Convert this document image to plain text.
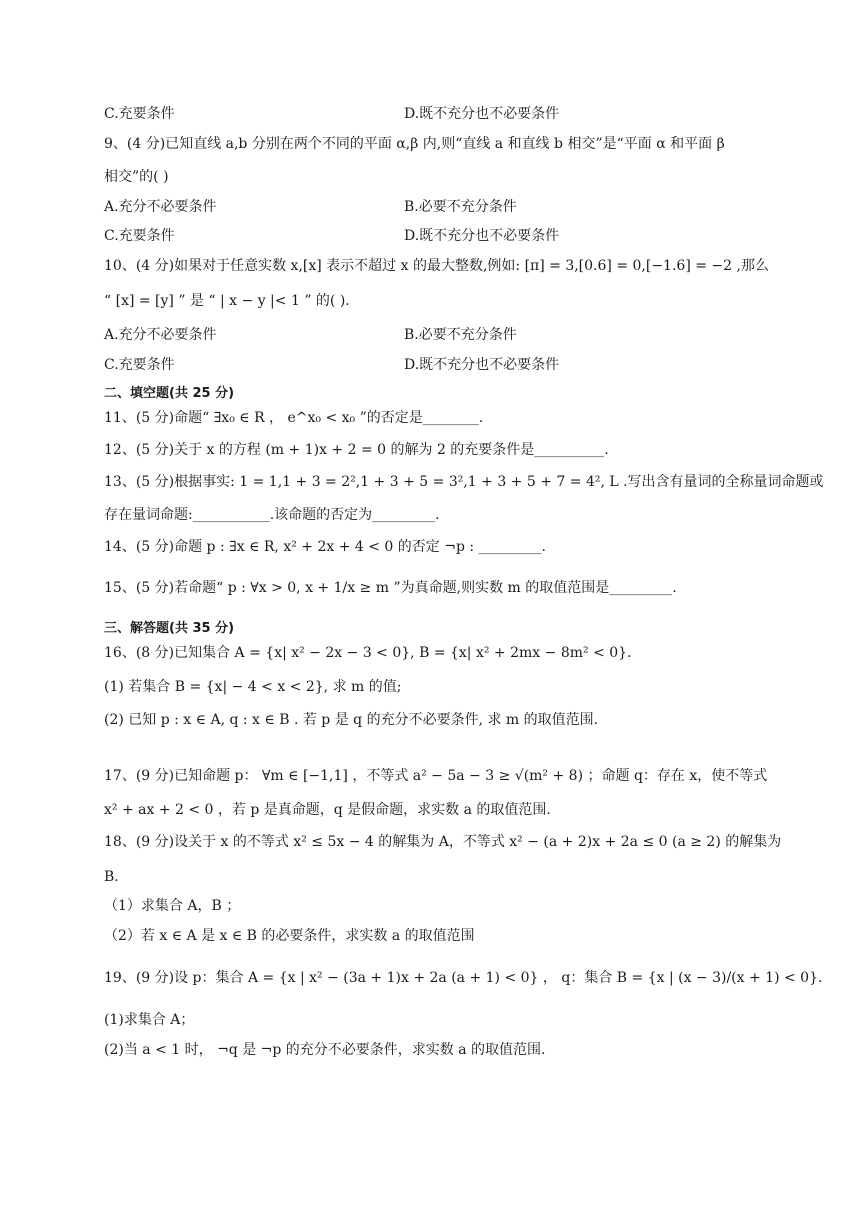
C.充要条件	D.既不充分也不必要条件
9、(4 分)已知直线 a,b 分别在两个不同的平面 α,β 内,则“直线 a 和直线 b 相交”是“平面 α 和平面 β
相交”的( )
A.充分不必要条件	B.必要不充分条件
C.充要条件	D.既不充分也不必要条件
10、(4 分)如果对于任意实数 x,[x] 表示不超过 x 的最大整数,例如: [π] = 3,[0.6] = 0,[−1.6] = −2 ,那么
“ [x] = [y] ” 是 “ | x − y |< 1 ” 的( ).
A.充分不必要条件	B.必要不充分条件
C.充要条件	D.既不充分也不必要条件
二、填空题(共 25 分)
11、(5 分)命题“ ∃x₀ ∈ R ， e^x₀ < x₀ ”的否定是________.
12、(5 分)关于 x 的方程 (m + 1)x + 2 = 0 的解为 2 的充要条件是__________.
13、(5 分)根据事实: 1 = 1,1 + 3 = 2²,1 + 3 + 5 = 3²,1 + 3 + 5 + 7 = 4², L .写出含有量词的全称量词命题或
存在量词命题:___________.该命题的否定为_________.
14、(5 分)命题 p : ∃x ∈ R, x² + 2x + 4 < 0 的否定 ¬p : _________.
15、(5 分)若命题“ p : ∀x > 0, x + 1/x ≥ m ”为真命题,则实数 m 的取值范围是_________.
三、解答题(共 35 分)
16、(8 分)已知集合 A = {x| x² − 2x − 3 < 0}, B = {x| x² + 2mx − 8m² < 0}.
(1) 若集合 B = {x| − 4 < x < 2}, 求 m 的值;
(2) 已知 p : x ∈ A, q : x ∈ B . 若 p 是 q 的充分不必要条件, 求 m 的取值范围.
17、(9 分)已知命题 p： ∀m ∈ [−1,1] ，不等式 a² − 5a − 3 ≥ √(m² + 8) ；命题 q：存在 x，使不等式
x² + ax + 2 < 0 ，若 p 是真命题，q 是假命题，求实数 a 的取值范围.
18、(9 分)设关于 x 的不等式 x² ≤ 5x − 4 的解集为 A，不等式 x² − (a + 2)x + 2a ≤ 0 (a ≥ 2) 的解集为
B.
（1）求集合 A，B ；
（2）若 x ∈ A 是 x ∈ B 的必要条件，求实数 a 的取值范围
19、(9 分)设 p：集合 A = {x | x² − (3a + 1)x + 2a (a + 1) < 0} ， q：集合 B = {x | (x − 3)/(x + 1) < 0}.
(1)求集合 A；
(2)当 a < 1 时， ¬q 是 ¬p 的充分不必要条件，求实数 a 的取值范围.
